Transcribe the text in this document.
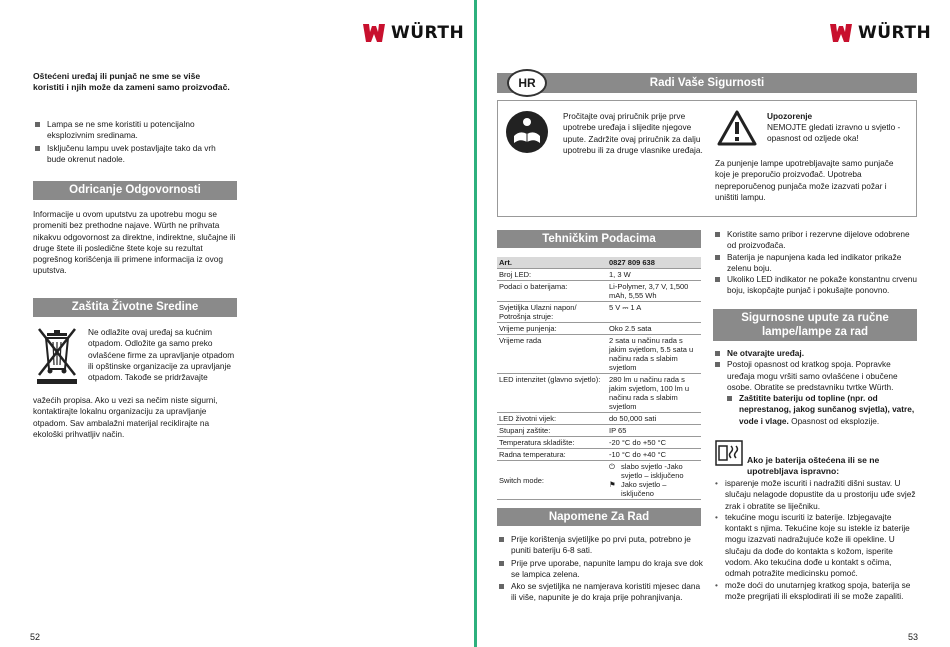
WÜRTH
Oštećeni uređaj ili punjač ne sme se više koristiti i njih može da zameni samo proizvođač.
Lampa se ne sme koristiti u potencijalno eksplozivnim sredinama.
Isključenu lampu uvek postavljajte tako da vrh bude okrenut nadole.
Odricanje Odgovornosti
Informacije u ovom uputstvu za upotrebu mogu se promeniti bez prethodne najave. Würth ne prihvata nikakvu odgovornost za direktne, indirektne, slučajne ili druge štete ili posledične štete koje su rezultat pogrešnog korišćenja ili primene informacija iz ovog uputstva.
Zaštita Životne Sredine
Ne odlažite ovaj uređaj sa kućnim otpadom. Odložite ga samo preko ovlašćene firme za upravljanje otpadom ili opštinske organizacije za upravljanje otpadom. Takođe se pridržavajte
važećih propisa. Ako u vezi sa nečim niste sigurni, kontaktirajte lokalnu organizaciju za upravljanje otpadom. Sav ambalažni materijal reciklirajte na ekološki prihvatljiv način.
52
WÜRTH
Radi Vaše Sigurnosti
HR
Pročitajte ovaj priručnik prije prve upotrebe uređaja i slijedite njegove upute. Zadržite ovaj priručnik za dalju upotrebu ili za druge vlasnike uređaja.
Upozorenje
NEMOJTE gledati izravno u svjetlo - opasnost od ozljede oka!
Za punjenje lampe upotrebljavajte samo punjače koje je preporučio proizvođač. Upotreba nepreporučenog punjača može izazvati požar i uništiti lampu.
Tehničkim Podacima
Art.	0827 809 638
Broj LED:	1, 3 W
Podaci o bateriјama:	Li-Polymer, 3,7 V, 1,500 mAh, 5,55 Wh
Svjetiljka Ulazni napon/ Potrošnja struje:	5 V ⎓ 1 A
Vrijeme punjenja:	Oko 2.5 sata
Vrijeme rada	2 sata u načinu rada s jakim svjetlom, 5.5 sata u načinu rada s slabim svjetlom
LED intenzitet (glavno svjetlo):	280 lm u načinu rada s jakim svjetlom, 100 lm u načinu rada s slabim svjetlom
LED životni vijek:	do 50,000 sati
Stupanj zaštite:	IP 65
Temperatura skladište:	-20 °C do +50 °C
Radna temperatura:	-10 °C do +40 °C
Switch mode:	⏻ slabo svjetlo -Jako svjetlo – isključeno
⚑ Jako svjetlo – isključeno
Napomene Za Rad
Prije korištenja svjetiljke po prvi puta, potrebno je puniti bateriju 6-8 sati.
Prije prve uporabe, napunite lampu do kraja sve dok se lampica zelena.
Ako se svjetiljka ne namjerava koristiti mjesec dana ili više, napunite je do kraja prije pohranjivanja.
Koristite samo pribor i rezervne dijelove odobrene od proizvođača.
Baterija je napunjena kada led indikator prikaže zelenu boju.
Ukoliko LED indikator ne pokaže konstantnu crvenu boju, iskopčajte punjač i pokušajte ponovno.
Sigurnosne upute za ručne lampe/lampe za rad
Ne otvarajte uređaj.
Postoji opasnost od kratkog spoja. Popravke uređaja mogu vršiti samo ovlašćene i obučene osobe. Obratite se predstavniku tvrtke Würth.
Zaštitite bateriju od topline (npr. od neprestanog, jakog sunčanog svjetla), vatre, vode i vlage. Opasnost od eksplozije.
Ako je baterija oštećena ili se ne upotrebljava ispravno:
• isparenje može iscuriti i nadražiti dišni sustav. U slučaju nelagode dopustite da u prostoriju uđe svjež zrak i obratite se liječniku.
• tekućine mogu iscuriti iz baterije. Izbjegavajte kontakt s njima. Tekućine koje su istekle iz baterije mogu izazvati nadražujuće kože ili opekline. U slučaju da dođe do kontakta s kožom, isperite vodom. Ako tekućina dođe u kontakt s očima, odmah potražite medicinsku pomoć.
• može doći do unutarnjeg kratkog spoja, baterija se može pregrijati ili eksplodirati ili se može zapaliti.
53
